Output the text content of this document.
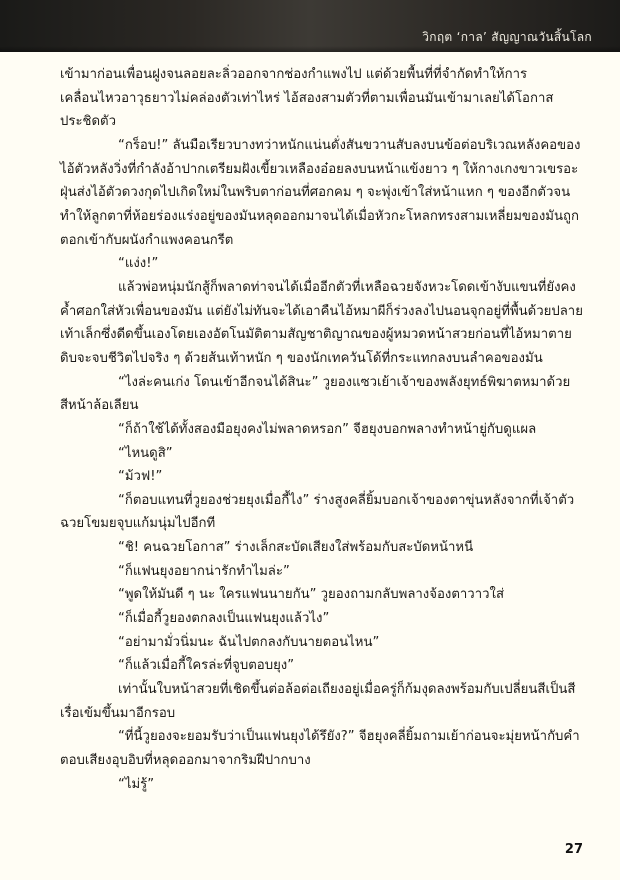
วิกฤต ‘กาล’ สัญญาณวันสิ้นโลก

เข้ามาก่อนเพื่อนฝูงจนลอยละลิ่วออกจากช่องกำแพงไป แต่ด้วยพื้นที่ที่จำกัดทำให้การเคลื่อนไหวอาวุธยาวไม่คล่องตัวเท่าไหร่ ไอ้สองสามตัวที่ตามเพื่อนมันเข้ามาเลยได้โอกาสประชิดตัว

“กร็อบ!” ลันมือเรียวบางทว่าหนักแน่นดั่งสันขวานสับลงบนข้อต่อบริเวณหลังคอของไอ้ตัวหลังวิ่งที่กำลังอ้าปากเตรียมฝังเขี้ยวเหลืองอ๋อยลงบนหน้าแข้งยาว ๆ ให้กางเกงขาวเขรอะฝุ่นส่งไอ้ตัวดวงกุดไปเกิดใหม่ในพริบตาก่อนที่ศอกคม ๆ จะพุ่งเข้าใส่หน้าแหก ๆ ของอีกตัวจนทำให้ลูกตาที่ห้อยร่องแร่งอยู่ของมันหลุดออกมาจนได้เมื่อหัวกะโหลกทรงสามเหลี่ยมของมันถูกตอกเข้ากับผนังกำแพงคอนกรีต

“แง่ง!”

แล้วพ่อหนุ่มนักสู้ก็พลาดท่าจนได้เมื่ออีกตัวที่เหลือฉวยจังหวะโดดเข้างับแขนที่ยังคงค้ำศอกใส่หัวเพื่อนของมัน แต่ยังไม่ทันจะได้เอาคืนไอ้หมาผีก็ร่วงลงไปนอนจุกอยู่ที่พื้นด้วยปลายเท้าเล็กซึ่งดีดขึ้นเองโดยเองอัตโนมัติตามสัญชาติญาณของผู้หมวดหน้าสวยก่อนที่ไอ้หมาตายดิบจะจบชีวิตไปจริง ๆ ด้วยส้นเท้าหนัก ๆ ของนักเทควันโด้ที่กระแทกลงบนลำคอของมัน

“ไงล่ะคนเก่ง โดนเข้าอีกจนได้สินะ” วูยองแซวเย้าเจ้าของพลังยุทธ์พิฆาตหมาด้วยสีหน้าล้อเลียน

“ก็ถ้าใช้ได้ทั้งสองมือยุงคงไม่พลาดหรอก” จีฮยุงบอกพลางทำหน้ายู่กับดูแผล

“ไหนดูสิ”

“ม้วฟ!”

“ก็ตอบแทนที่วูยองช่วยยุงเมื่อกี้ไง” ร่างสูงคลี่ยิ้มบอกเจ้าของตาขุ่นหลังจากที่เจ้าตัวฉวยโขมยจุบแก้มนุ่มไปอีกที

“ชิ! คนฉวยโอกาส” ร่างเล็กสะบัดเสียงใส่พร้อมกับสะบัดหน้าหนี

“ก็แฟนยุงอยากน่ารักทำไมล่ะ”

“พูดให้มันดี ๆ นะ ใครแฟนนายกัน” วูยองถามกลับพลางจ้องตาวาวใส่

“ก็เมื่อกี้วูยองตกลงเป็นแฟนยุงแล้วไง”

“อย่ามามั่วนิ่มนะ ฉันไปตกลงกับนายตอนไหน”

“ก็แล้วเมื่อกี้ใครล่ะที่จูบตอบยุง”

เท่านั้นใบหน้าสวยที่เชิดขึ้นต่อล้อต่อเถียงอยู่เมื่อครู่ก็ก้มงุดลงพร้อมกับเปลี่ยนสีเป็นสีเรื่อเข้มขึ้นมาอีกรอบ

“ที่นี้วูยองจะยอมรับว่าเป็นแฟนยุงได้รึยัง?” จีฮยุงคลี่ยิ้มถามเย้าก่อนจะมุ่ยหน้ากับคำตอบเสียงอุบอิบที่หลุดออกมาจากริมฝีปากบาง

“ไม่รู้”

27
